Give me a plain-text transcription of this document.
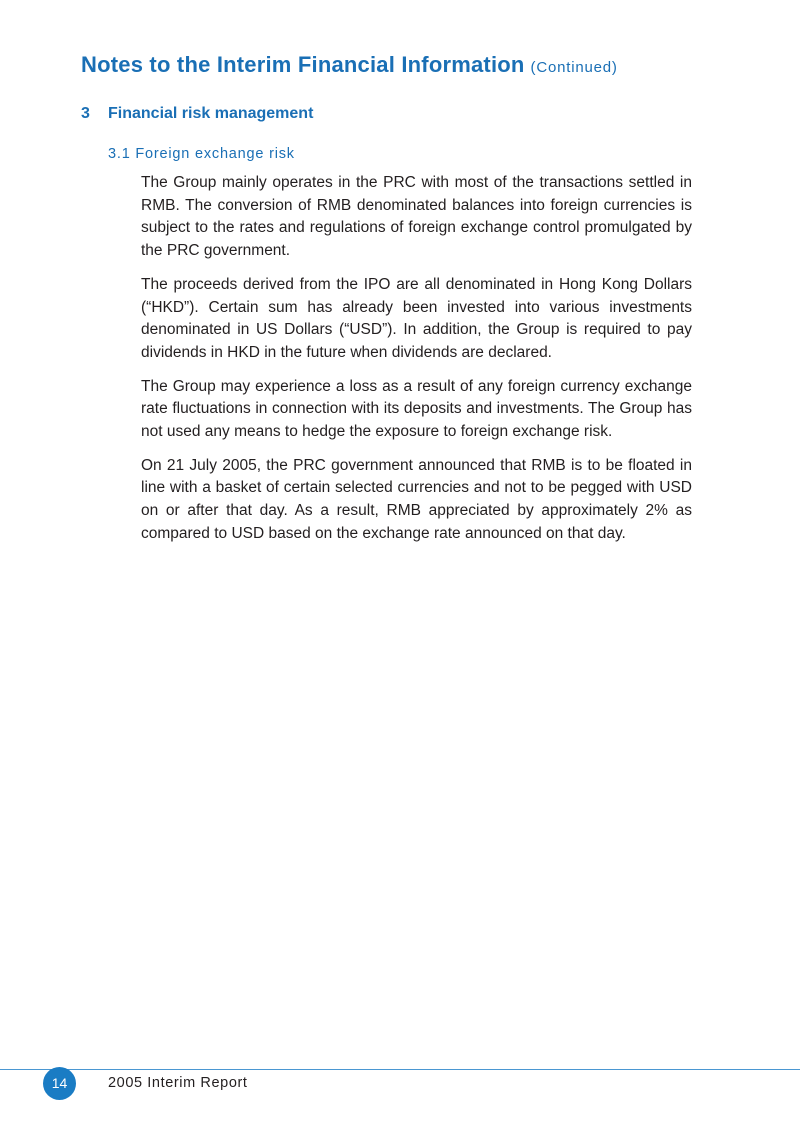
Notes to the Interim Financial Information (Continued)
3 Financial risk management
3.1 Foreign exchange risk

The Group mainly operates in the PRC with most of the transactions settled in RMB. The conversion of RMB denominated balances into foreign currencies is subject to the rates and regulations of foreign exchange control promulgated by the PRC government.

The proceeds derived from the IPO are all denominated in Hong Kong Dollars (“HKD”). Certain sum has already been invested into various investments denominated in US Dollars (“USD”). In addition, the Group is required to pay dividends in HKD in the future when dividends are declared.

The Group may experience a loss as a result of any foreign currency exchange rate fluctuations in connection with its deposits and investments. The Group has not used any means to hedge the exposure to foreign exchange risk.

On 21 July 2005, the PRC government announced that RMB is to be floated in line with a basket of certain selected currencies and not to be pegged with USD on or after that day. As a result, RMB appreciated by approximately 2% as compared to USD based on the exchange rate announced on that day.

14	2005 Interim Report
